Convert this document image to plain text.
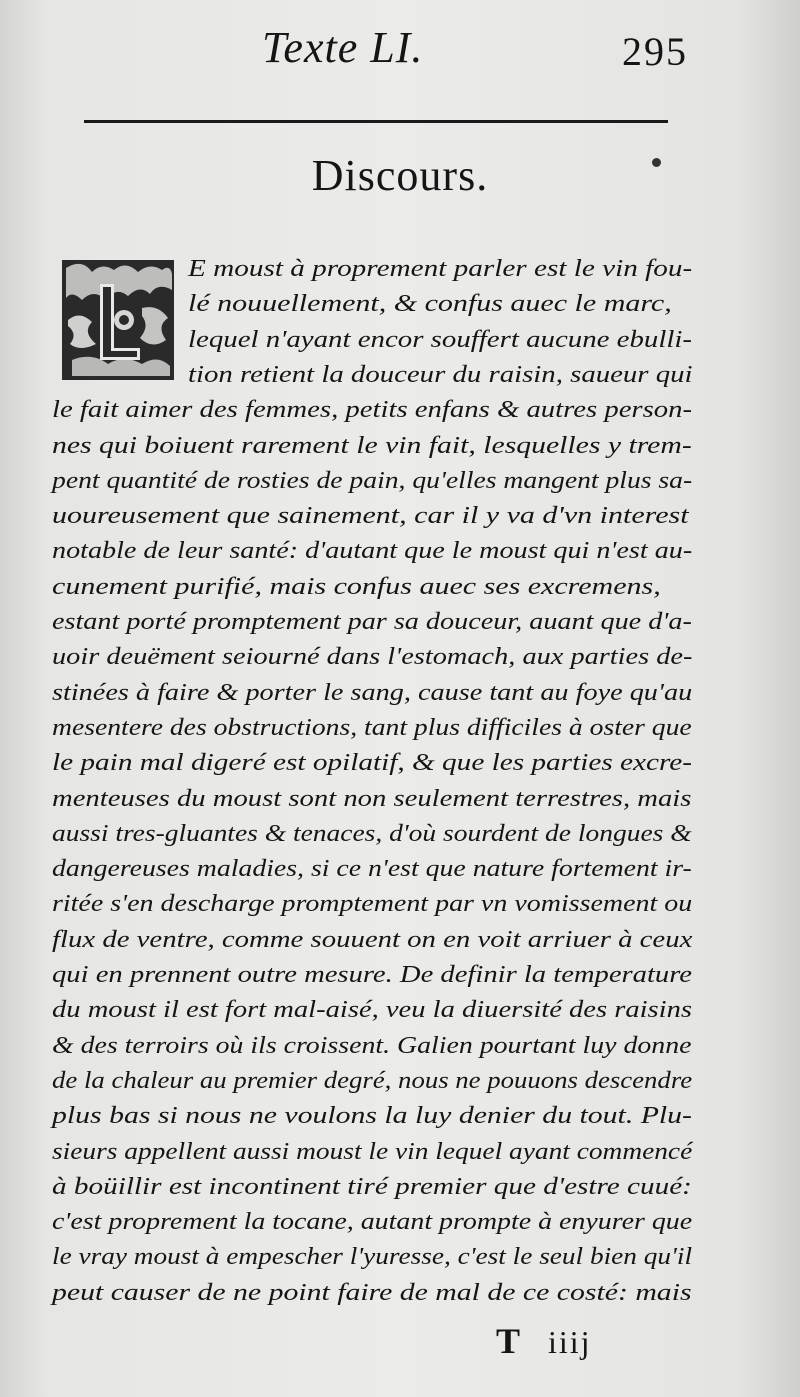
Texte LI.	295
Discours.
E moust à proprement parler est le vin fou-
lé nouuellement, & confus auec le marc,
lequel n'ayant encor souffert aucune ebulli-
tion retient la douceur du raisin, saueur qui
le fait aimer des femmes, petits enfans & autres person-
nes qui boiuent rarement le vin fait, lesquelles y trem-
pent quantité de rosties de pain, qu'elles mangent plus sa-
uoureusement que sainement, car il y va d'vn interest
notable de leur santé: d'autant que le moust qui n'est au-
cunement purifié, mais confus auec ses excremens,
estant porté promptement par sa douceur, auant que d'a-
uoir deuëment seiourné dans l'estomach, aux parties de-
stinées à faire & porter le sang, cause tant au foye qu'au
mesentere des obstructions, tant plus difficiles à oster que
le pain mal digeré est opilatif, & que les parties excre-
menteuses du moust sont non seulement terrestres, mais
aussi tres-gluantes & tenaces, d'où sourdent de longues &
dangereuses maladies, si ce n'est que nature fortement ir-
ritée s'en descharge promptement par vn vomissement ou
flux de ventre, comme souuent on en voit arriuer à ceux
qui en prennent outre mesure. De definir la temperature
du moust il est fort mal-aisé, veu la diuersité des raisins
& des terroirs où ils croissent. Galien pourtant luy donne
de la chaleur au premier degré, nous ne pouuons descendre
plus bas si nous ne voulons la luy denier du tout. Plu-
sieurs appellent aussi moust le vin lequel ayant commencé
à boüillir est incontinent tiré premier que d'estre cuué:
c'est proprement la tocane, autant prompte à enyurer que
le vray moust à empescher l'yuresse, c'est le seul bien qu'il
peut causer de ne point faire de mal de ce costé: mais
T iiij
